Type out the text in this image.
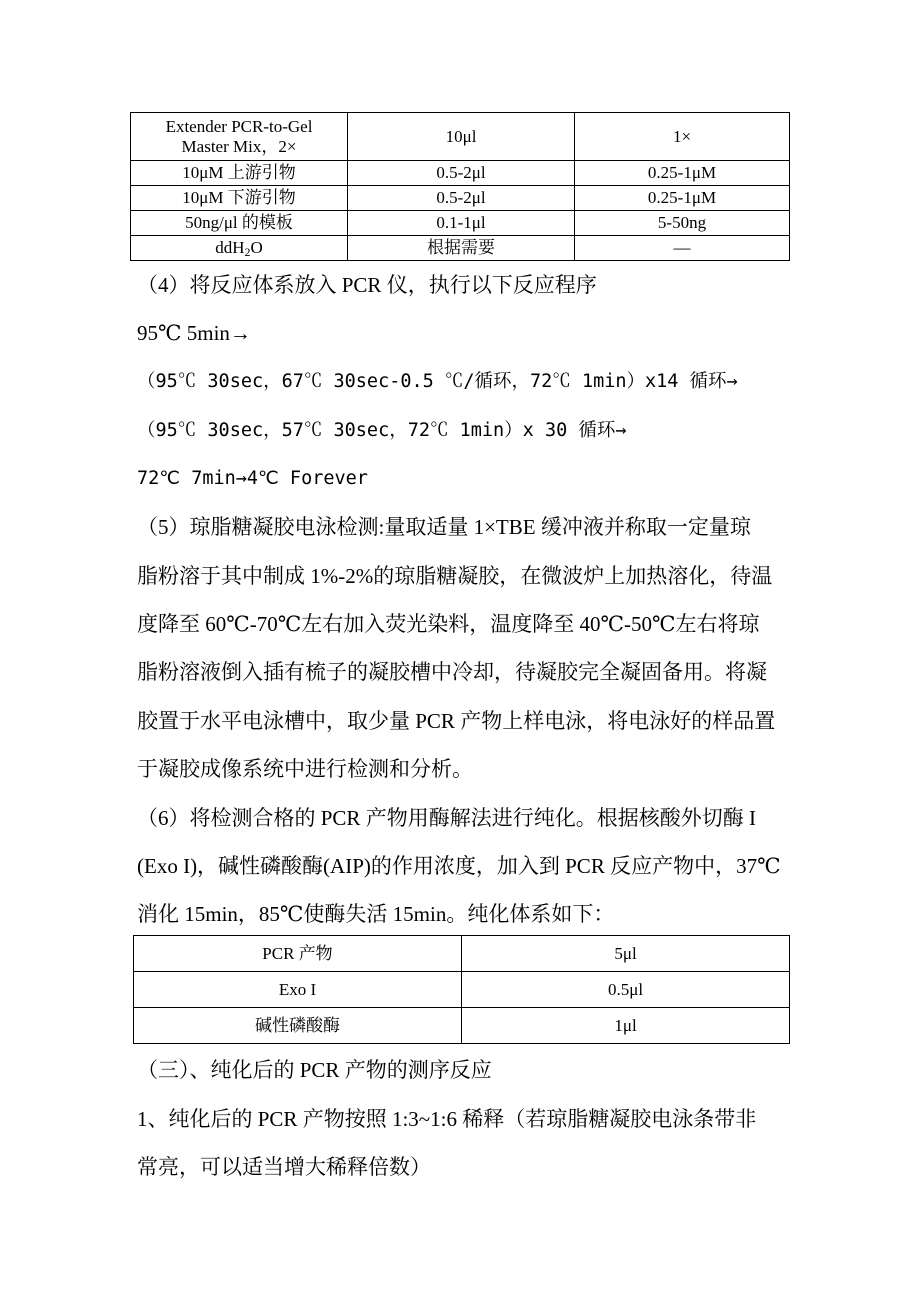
Extender PCR-to-Gel
Master Mix，2×	10μl	1×
10μM 上游引物	0.5-2μl	0.25-1μM
10μM 下游引物	0.5-2μl	0.25-1μM
50ng/μl 的模板	0.1-1μl	5-50ng
ddH$_2$O	根据需要	—
（4）将反应体系放入 PCR 仪，执行以下反应程序
95℃ 5min→
（95℃ 30sec，67℃ 30sec-0.5 ℃/循环，72℃ 1min）x14 循环→
（95℃ 30sec，57℃ 30sec，72℃ 1min）x 30 循环→
72℃ 7min→4℃ Forever
（5）琼脂糖凝胶电泳检测:量取适量 1×TBE 缓冲液并称取一定量琼
脂粉溶于其中制成 1%-2%的琼脂糖凝胶，在微波炉上加热溶化，待温
度降至 60℃-70℃左右加入荧光染料，温度降至 40℃-50℃左右将琼
脂粉溶液倒入插有梳子的凝胶槽中冷却，待凝胶完全凝固备用。将凝
胶置于水平电泳槽中，取少量 PCR 产物上样电泳，将电泳好的样品置
于凝胶成像系统中进行检测和分析。
（6）将检测合格的 PCR 产物用酶解法进行纯化。根据核酸外切酶 I
(Exo I)，碱性磷酸酶(AIP)的作用浓度，加入到 PCR 反应产物中，37℃
消化 15min，85℃使酶失活 15min。纯化体系如下：
PCR 产物	5μl
Exo I	0.5μl
碱性磷酸酶	1μl
（三）、纯化后的 PCR 产物的测序反应
1、纯化后的 PCR 产物按照 1:3~1:6 稀释（若琼脂糖凝胶电泳条带非
常亮，可以适当增大稀释倍数）
